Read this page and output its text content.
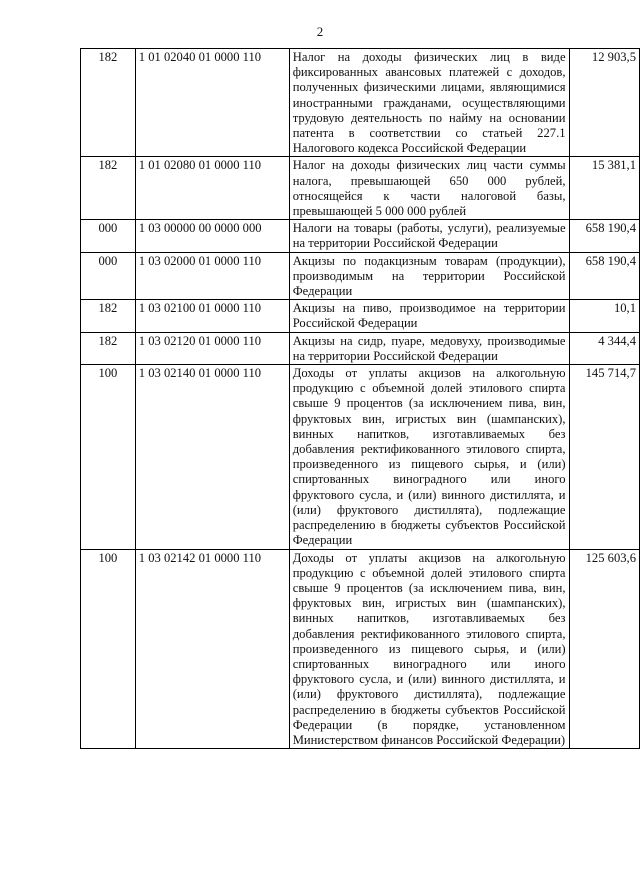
2
182	1 01 02040 01 0000 110	Налог на доходы физических лиц в виде фиксированных авансовых платежей с доходов, полученных физическими лицами, являющимися иностранными гражданами, осуществляющими трудовую деятельность по найму на основании патента в соответствии со статьей 227.1 Налогового кодекса Российской Федерации	12 903,5
182	1 01 02080 01 0000 110	Налог на доходы физических лиц части суммы налога, превышающей 650 000 рублей, относящейся к части налоговой базы, превышающей 5 000 000 рублей	15 381,1
000	1 03 00000 00 0000 000	Налоги на товары (работы, услуги), реализуемые на территории Российской Федерации	658 190,4
000	1 03 02000 01 0000 110	Акцизы по подакцизным товарам (продукции), производимым на территории Российской Федерации	658 190,4
182	1 03 02100 01 0000 110	Акцизы на пиво, производимое на территории Российской Федерации	10,1
182	1 03 02120 01 0000 110	Акцизы на сидр, пуаре, медовуху, производимые на территории Российской Федерации	4 344,4
100	1 03 02140 01 0000 110	Доходы от уплаты акцизов на алкогольную продукцию с объемной долей этилового спирта свыше 9 процентов (за исключением пива, вин, фруктовых вин, игристых вин (шампанских), винных напитков, изготавливаемых без добавления ректификованного этилового спирта, произведенного из пищевого сырья, и (или) спиртованных виноградного или иного фруктового сусла, и (или) винного дистиллята, и (или) фруктового дистиллята), подлежащие распределению в бюджеты субъектов Российской Федерации	145 714,7
100	1 03 02142 01 0000 110	Доходы от уплаты акцизов на алкогольную продукцию с объемной долей этилового спирта свыше 9 процентов (за исключением пива, вин, фруктовых вин, игристых вин (шампанских), винных напитков, изготавливаемых без добавления ректификованного этилового спирта, произведенного из пищевого сырья, и (или) спиртованных виноградного или иного фруктового сусла, и (или) винного дистиллята, и (или) фруктового дистиллята), подлежащие распределению в бюджеты субъектов Российской Федерации (в порядке, установленном Министерством финансов Российской Федерации)	125 603,6
